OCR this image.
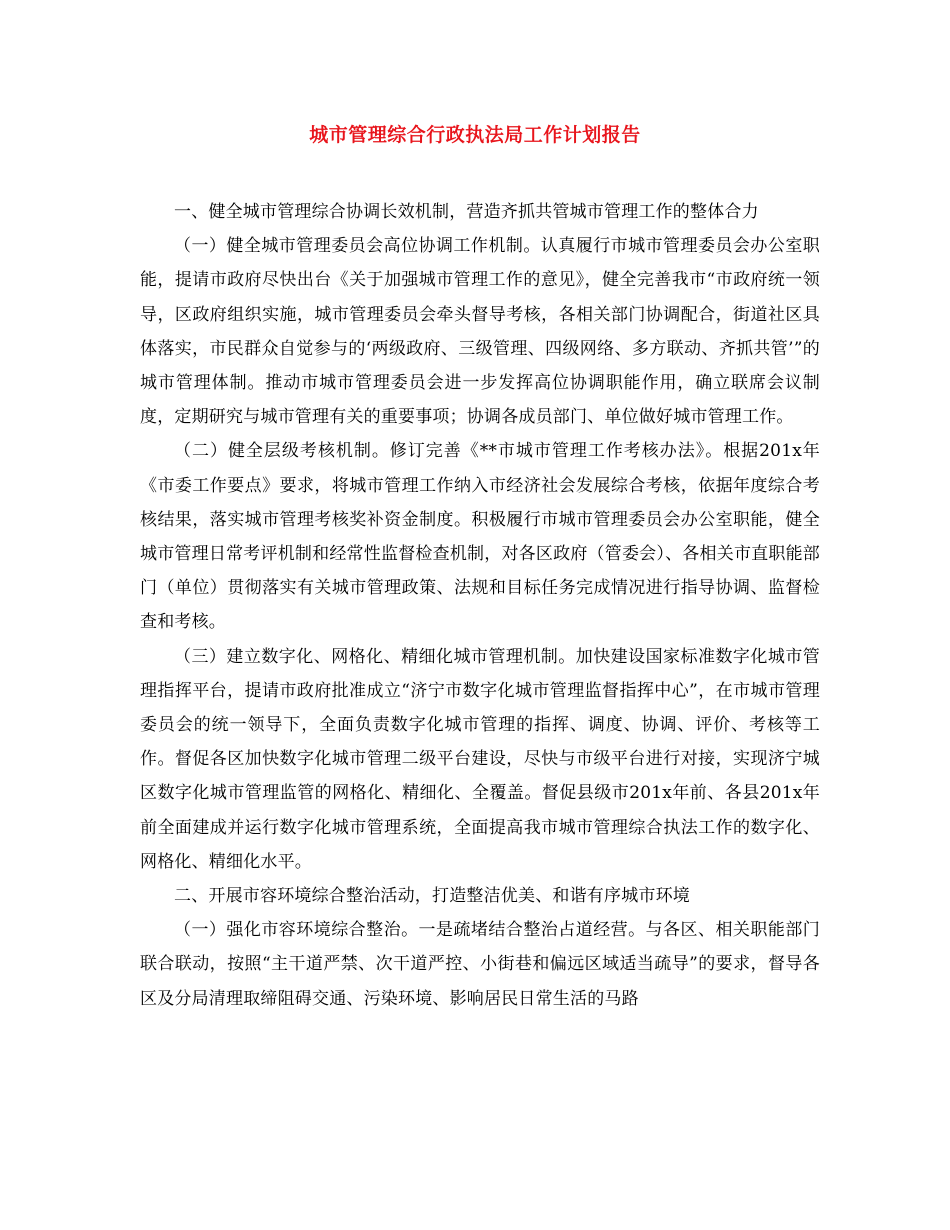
城市管理综合行政执法局工作计划报告

一、健全城市管理综合协调长效机制，营造齐抓共管城市管理工作的整体合力

（一）健全城市管理委员会高位协调工作机制。认真履行市城市管理委员会办公室职能，提请市政府尽快出台《关于加强城市管理工作的意见》，健全完善我市“市政府统一领导，区政府组织实施，城市管理委员会牵头督导考核，各相关部门协调配合，街道社区具体落实，市民群众自觉参与的‘两级政府、三级管理、四级网络、多方联动、齐抓共管’”的城市管理体制。推动市城市管理委员会进一步发挥高位协调职能作用，确立联席会议制度，定期研究与城市管理有关的重要事项；协调各成员部门、单位做好城市管理工作。

（二）健全层级考核机制。修订完善《**市城市管理工作考核办法》。根据201x年《市委工作要点》要求，将城市管理工作纳入市经济社会发展综合考核，依据年度综合考核结果，落实城市管理考核奖补资金制度。积极履行市城市管理委员会办公室职能，健全城市管理日常考评机制和经常性监督检查机制，对各区政府（管委会）、各相关市直职能部门（单位）贯彻落实有关城市管理政策、法规和目标任务完成情况进行指导协调、监督检查和考核。

（三）建立数字化、网格化、精细化城市管理机制。加快建设国家标准数字化城市管理指挥平台，提请市政府批准成立“济宁市数字化城市管理监督指挥中心”，在市城市管理委员会的统一领导下，全面负责数字化城市管理的指挥、调度、协调、评价、考核等工作。督促各区加快数字化城市管理二级平台建设，尽快与市级平台进行对接，实现济宁城区数字化城市管理监管的网格化、精细化、全覆盖。督促县级市201x年前、各县201x年前全面建成并运行数字化城市管理系统，全面提高我市城市管理综合执法工作的数字化、网格化、精细化水平。

二、开展市容环境综合整治活动，打造整洁优美、和谐有序城市环境

（一）强化市容环境综合整治。一是疏堵结合整治占道经营。与各区、相关职能部门联合联动，按照“主干道严禁、次干道严控、小街巷和偏远区域适当疏导”的要求，督导各区及分局清理取缔阻碍交通、污染环境、影响居民日常生活的马路
